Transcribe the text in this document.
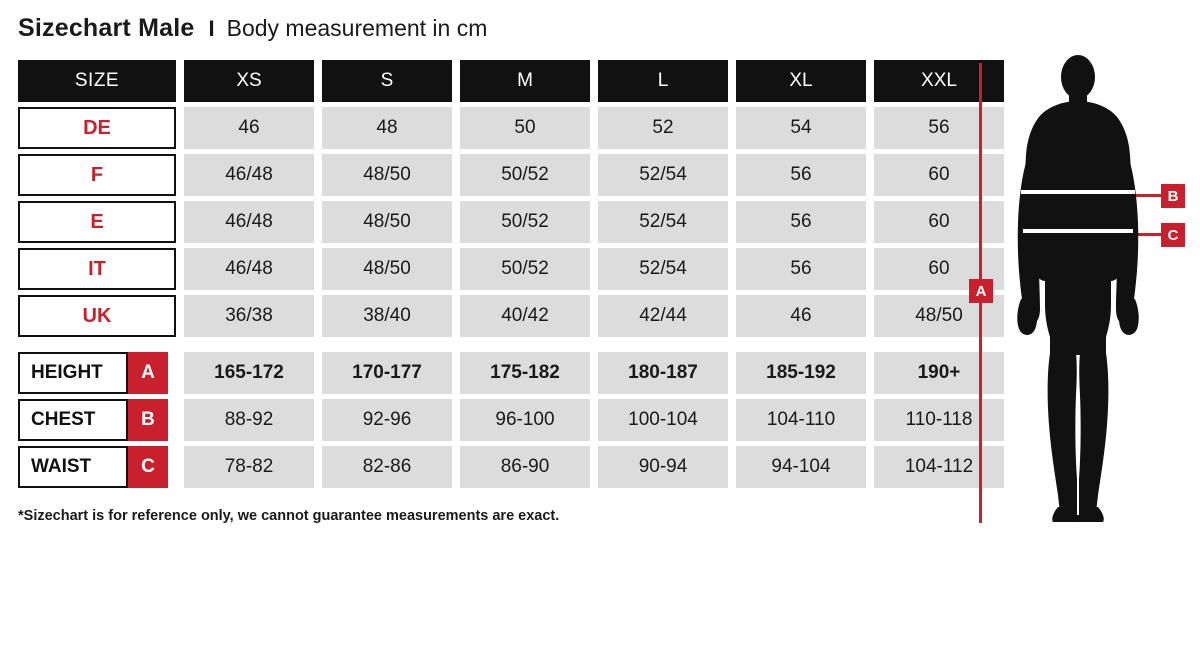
Sizechart Male I Body measurement in cm
SIZE	XS	S	M	L	XL	XXL
DE	46	48	50	52	54	56
F	46/48	48/50	50/52	52/54	56	60
E	46/48	48/50	50/52	52/54	56	60
IT	46/48	48/50	50/52	52/54	56	60
UK	36/38	38/40	40/42	42/44	46	48/50
HEIGHT	A	165-172	170-177	175-182	180-187	185-192	190+
CHEST	B	88-92	92-96	96-100	100-104	104-110	110-118
WAIST	C	78-82	82-86	86-90	90-94	94-104	104-112
*Sizechart is for reference only, we cannot guarantee measurements are exact.
A
B
C
